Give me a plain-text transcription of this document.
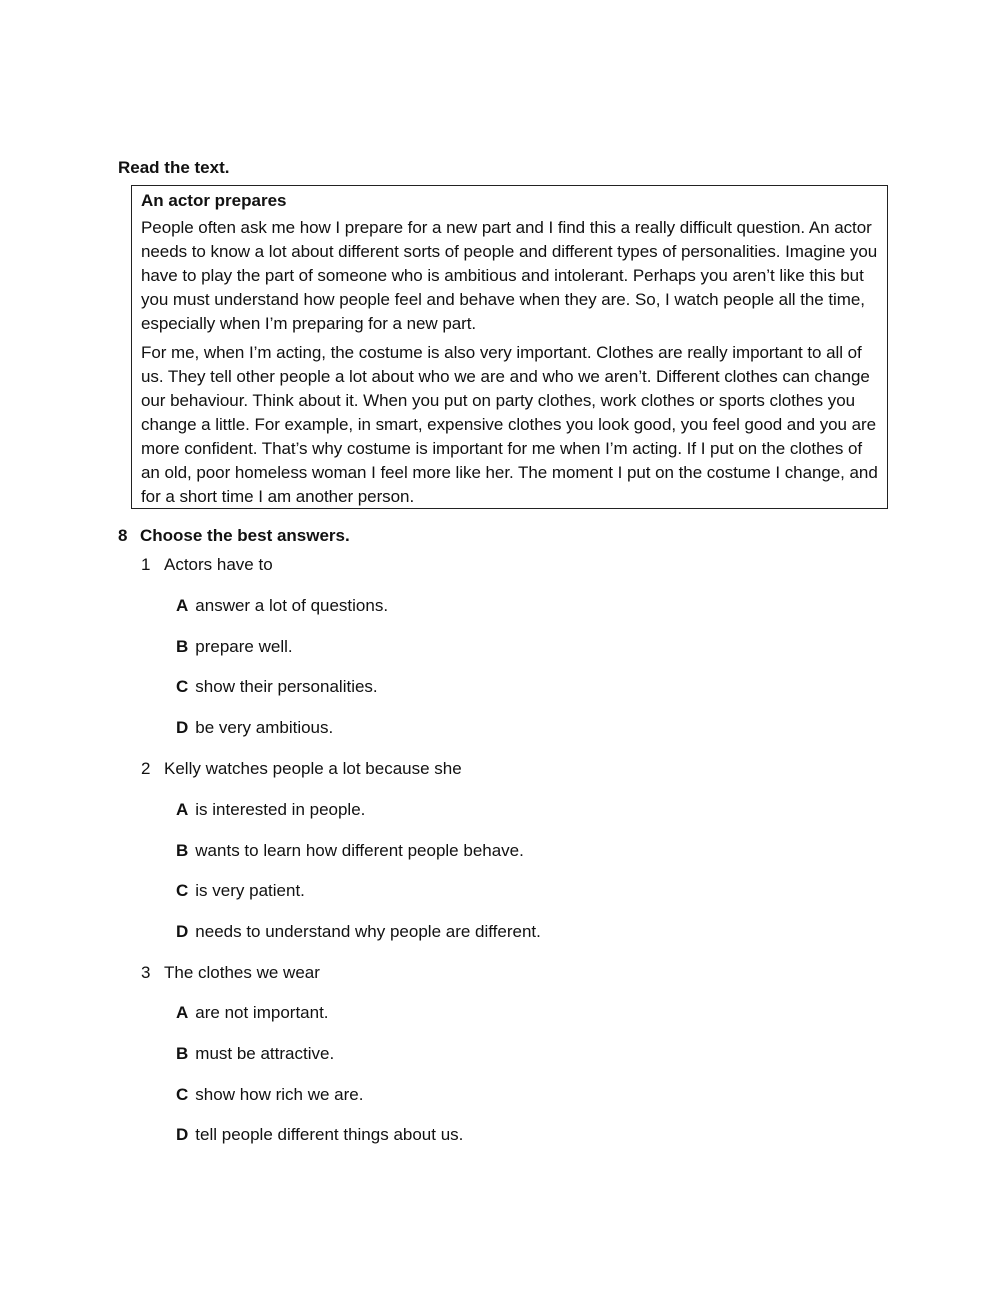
Read the text.
An actor prepares

People often ask me how I prepare for a new part and I find this a really difficult question. An actor needs to know a lot about different sorts of people and different types of personalities. Imagine you have to play the part of someone who is ambitious and intolerant. Perhaps you aren’t like this but you must understand how people feel and behave when they are. So, I watch people all the time, especially when I’m preparing for a new part.

For me, when I’m acting, the costume is also very important. Clothes are really important to all of us. They tell other people a lot about who we are and who we aren’t. Different clothes can change our behaviour. Think about it. When you put on party clothes, work clothes or sports clothes you change a little. For example, in smart, expensive clothes you look good, you feel good and you are more confident. That’s why costume is important for me when I’m acting. If I put on the clothes of an old, poor homeless woman I feel more like her. The moment I put on the costume I change, and for a short time I am another person.

8 Choose the best answers.
1 Actors have to
A answer a lot of questions.
B prepare well.
C show their personalities.
D be very ambitious.
2 Kelly watches people a lot because she
A is interested in people.
B wants to learn how different people behave.
C is very patient.
D needs to understand why people are different.
3 The clothes we wear
A are not important.
B must be attractive.
C show how rich we are.
D tell people different things about us.
